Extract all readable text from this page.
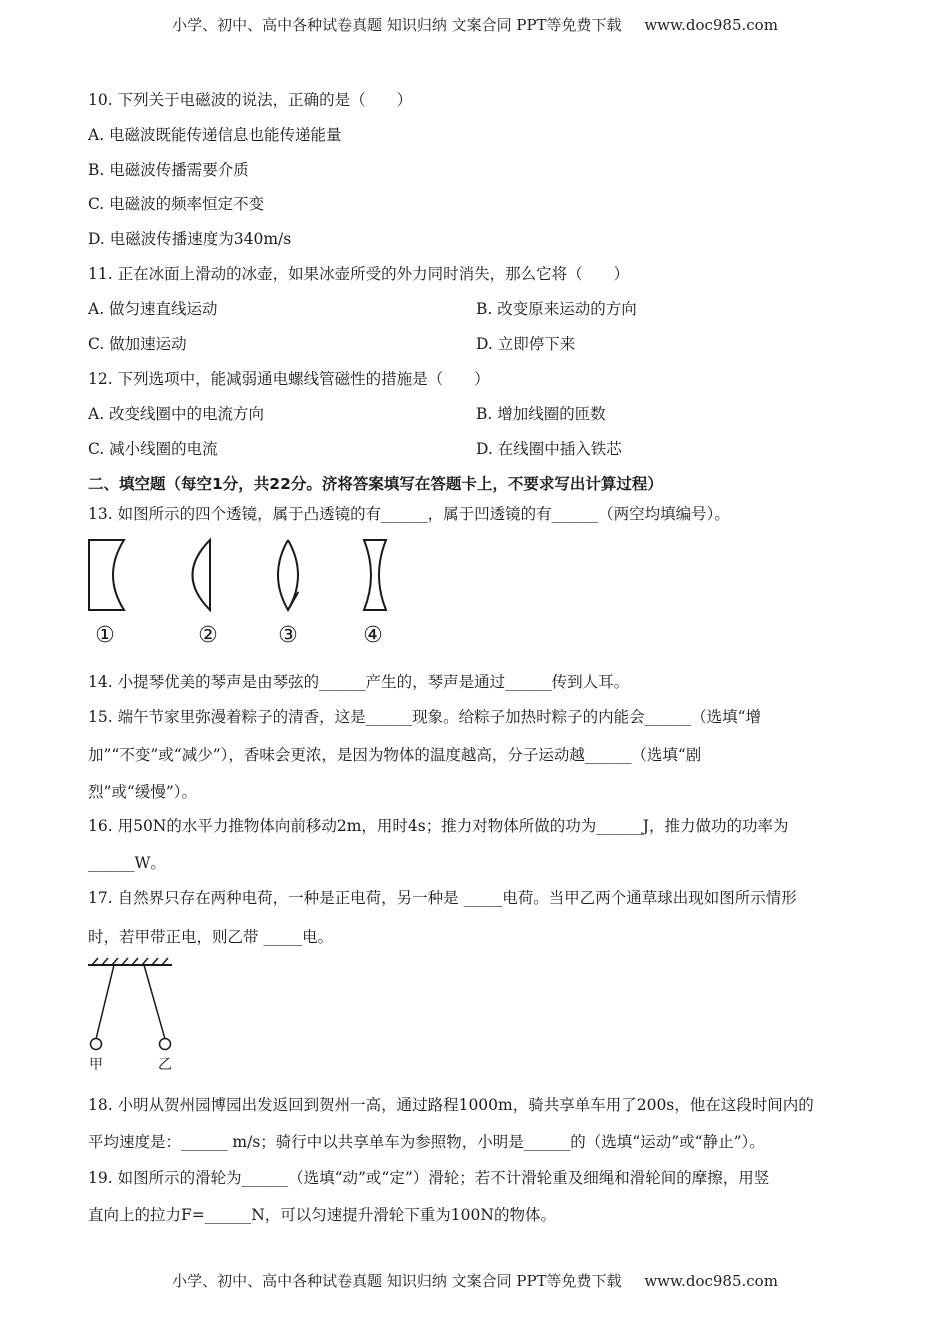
小学、初中、高中各种试卷真题 知识归纳 文案合同 PPT等免费下载 www.doc985.com
10. 下列关于电磁波的说法，正确的是（　　）
A. 电磁波既能传递信息也能传递能量
B. 电磁波传播需要介质
C. 电磁波的频率恒定不变
D. 电磁波传播速度为340m/s
11. 正在冰面上滑动的冰壶，如果冰壶所受的外力同时消失，那么它将（　　）
A. 做匀速直线运动	B. 改变原来运动的方向
C. 做加速运动	D. 立即停下来
12. 下列选项中，能减弱通电螺线管磁性的措施是（　　）
A. 改变线圈中的电流方向	B. 增加线圈的匝数
C. 减小线圈的电流	D. 在线圈中插入铁芯
二、填空题（每空1分，共22分。济将答案填写在答题卡上，不要求写出计算过程）
13. 如图所示的四个透镜，属于凸透镜的有______，属于凹透镜的有______（两空均填编号）。
①	②	③	④
14. 小提琴优美的琴声是由琴弦的______产生的，琴声是通过______传到人耳。
15. 端午节家里弥漫着粽子的清香，这是______现象。给粽子加热时粽子的内能会______（选填“增
加”“不变”或“减少”），香味会更浓，是因为物体的温度越高，分子运动越______（选填“剧
烈”或“缓慢”）。
16. 用50N的水平力推物体向前移动2m，用时4s；推力对物体所做的功为______J，推力做功的功率为
______W。
17. 自然界只存在两种电荷，一种是正电荷，另一种是 _____电荷。当甲乙两个通草球出现如图所示情形
时，若甲带正电，则乙带 _____电。
甲	乙
18. 小明从贺州园博园出发返回到贺州一高，通过路程1000m，骑共享单车用了200s，他在这段时间内的
平均速度是：______ m/s；骑行中以共享单车为参照物，小明是______的（选填“运动”或“静止”）。
19. 如图所示的滑轮为______（选填“动”或“定”）滑轮；若不计滑轮重及细绳和滑轮间的摩擦，用竖
直向上的拉力F=______N，可以匀速提升滑轮下重为100N的物体。
小学、初中、高中各种试卷真题 知识归纳 文案合同 PPT等免费下载 www.doc985.com
